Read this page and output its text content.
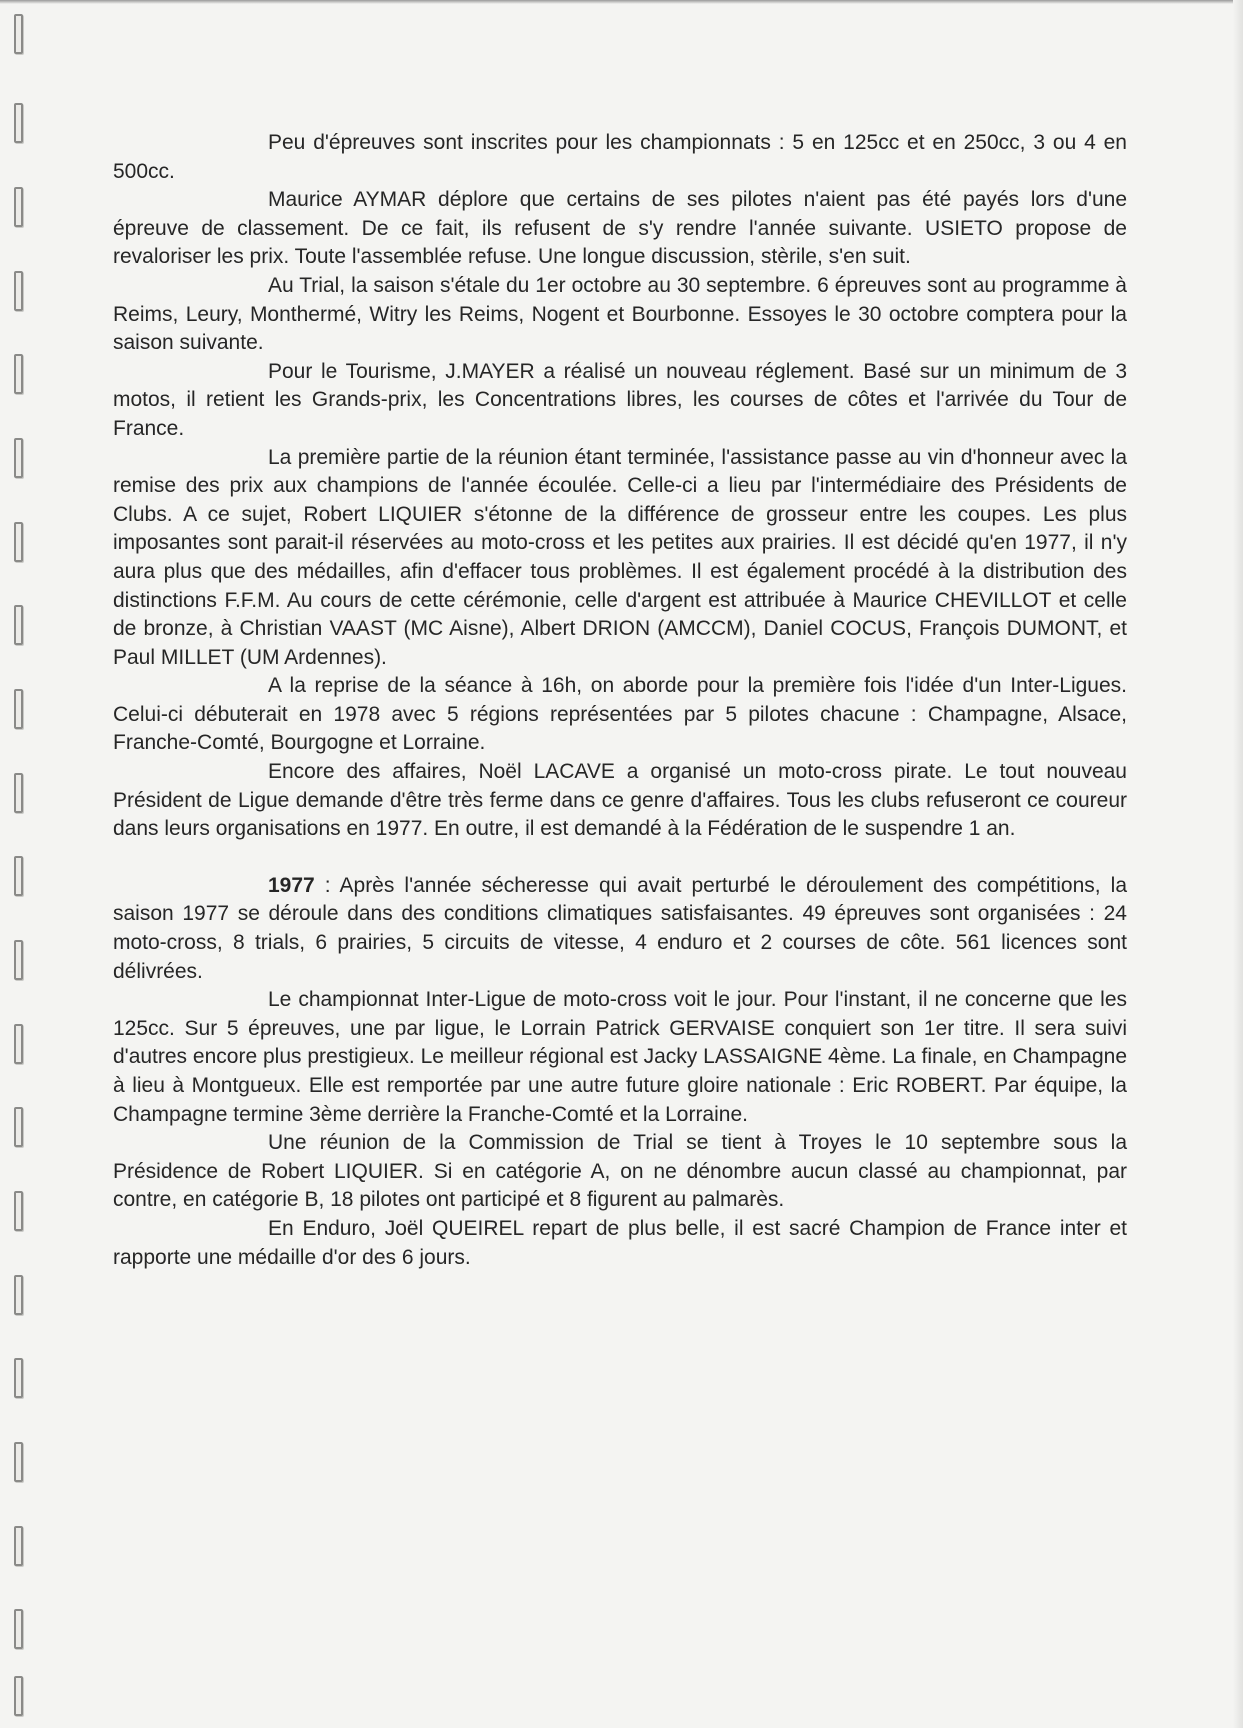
Peu d'épreuves sont inscrites pour les championnats : 5 en 125cc et en 250cc, 3 ou 4 en 500cc.

Maurice AYMAR déplore que certains de ses pilotes n'aient pas été payés lors d'une épreuve de classement. De ce fait, ils refusent de s'y rendre l'année suivante. USIETO propose de revaloriser les prix. Toute l'assemblée refuse. Une longue discussion, stèrile, s'en suit.

Au Trial, la saison s'étale du 1er octobre au 30 septembre. 6 épreuves sont au programme à Reims, Leury, Monthermé, Witry les Reims, Nogent et Bourbonne. Essoyes le 30 octobre comptera pour la saison suivante.

Pour le Tourisme, J.MAYER a réalisé un nouveau réglement. Basé sur un minimum de 3 motos, il retient les Grands-prix, les Concentrations libres, les courses de côtes et l'arrivée du Tour de France.

La première partie de la réunion étant terminée, l'assistance passe au vin d'honneur avec la remise des prix aux champions de l'année écoulée. Celle-ci a lieu par l'intermédiaire des Présidents de Clubs. A ce sujet, Robert LIQUIER s'étonne de la différence de grosseur entre les coupes. Les plus imposantes sont parait-il réservées au moto-cross et les petites aux prairies. Il est décidé qu'en 1977, il n'y aura plus que des médailles, afin d'effacer tous problèmes. Il est également procédé à la distribution des distinctions F.F.M. Au cours de cette cérémonie, celle d'argent est attribuée à Maurice CHEVILLOT et celle de bronze, à Christian VAAST (MC Aisne), Albert DRION (AMCCM), Daniel COCUS, François DUMONT, et Paul MILLET (UM Ardennes).

A la reprise de la séance à 16h, on aborde pour la première fois l'idée d'un Inter-Ligues. Celui-ci débuterait en 1978 avec 5 régions représentées par 5 pilotes chacune : Champagne, Alsace, Franche-Comté, Bourgogne et Lorraine.

Encore des affaires, Noël LACAVE a organisé un moto-cross pirate. Le tout nouveau Président de Ligue demande d'être très ferme dans ce genre d'affaires. Tous les clubs refuseront ce coureur dans leurs organisations en 1977. En outre, il est demandé à la Fédération de le suspendre 1 an.

1977 : Après l'année sécheresse qui avait perturbé le déroulement des compétitions, la saison 1977 se déroule dans des conditions climatiques satisfaisantes. 49 épreuves sont organisées : 24 moto-cross, 8 trials, 6 prairies, 5 circuits de vitesse, 4 enduro et 2 courses de côte. 561 licences sont délivrées.

Le championnat Inter-Ligue de moto-cross voit le jour. Pour l'instant, il ne concerne que les 125cc. Sur 5 épreuves, une par ligue, le Lorrain Patrick GERVAISE conquiert son 1er titre. Il sera suivi d'autres encore plus prestigieux. Le meilleur régional est Jacky LASSAIGNE 4ème. La finale, en Champagne à lieu à Montgueux. Elle est remportée par une autre future gloire nationale : Eric ROBERT. Par équipe, la Champagne termine 3ème derrière la Franche-Comté et la Lorraine.

Une réunion de la Commission de Trial se tient à Troyes le 10 septembre sous la Présidence de Robert LIQUIER. Si en catégorie A, on ne dénombre aucun classé au championnat, par contre, en catégorie B, 18 pilotes ont participé et 8 figurent au palmarès.

En Enduro, Joël QUEIREL repart de plus belle, il est sacré Champion de France inter et rapporte une médaille d'or des 6 jours.
